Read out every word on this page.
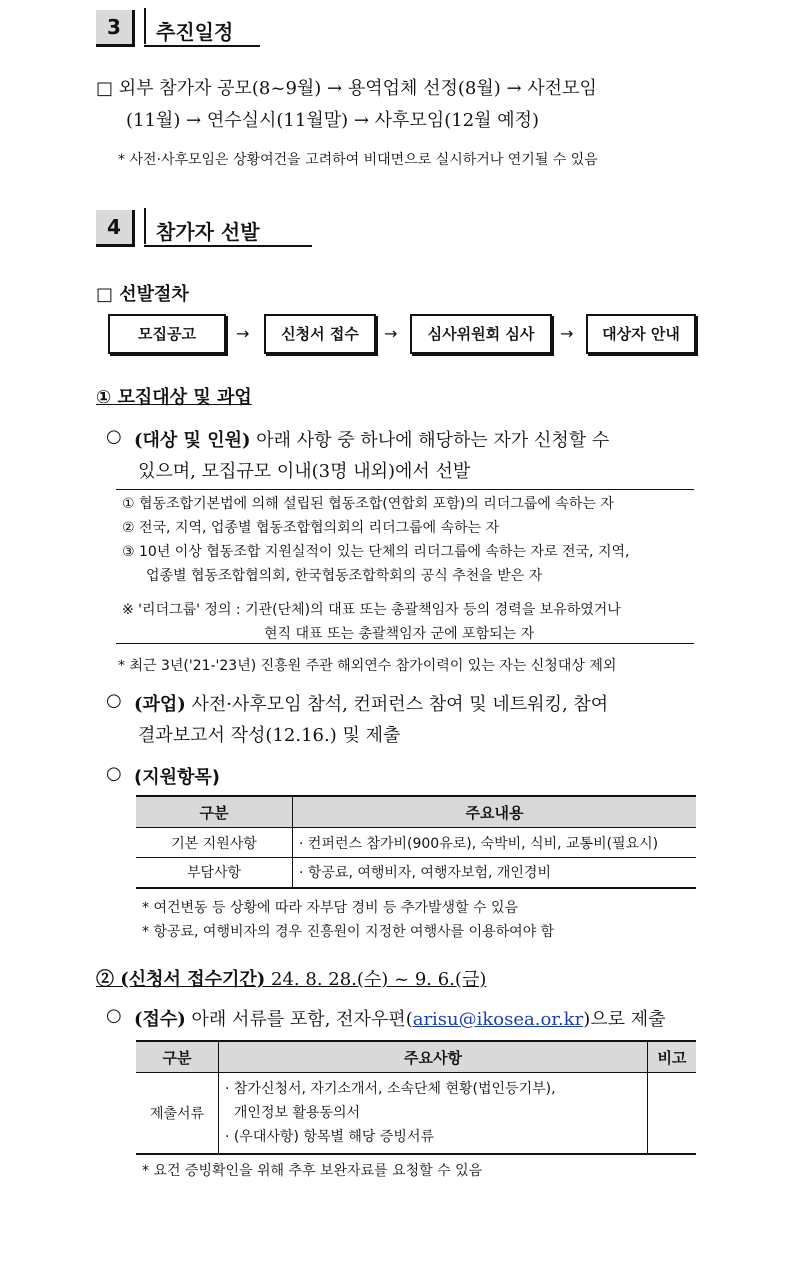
3	추진일정
□ 외부 참가자 공모(8~9월) → 용역업체 선정(8월) → 사전모임
(11월) → 연수실시(11월말) → 사후모임(12월 예정)
* 사전·사후모임은 상황여건을 고려하여 비대면으로 실시하거나 연기될 수 있음
4	참가자 선발
□ 선발절차
모집공고	→	신청서 접수	→	심사위원회 심사	→	대상자 안내
① 모집대상 및 과업
○ (대상 및 인원) 아래 사항 중 하나에 해당하는 자가 신청할 수
있으며, 모집규모 이내(3명 내외)에서 선발
① 협동조합기본법에 의해 설립된 협동조합(연합회 포함)의 리더그룹에 속하는 자
② 전국, 지역, 업종별 협동조합협의회의 리더그룹에 속하는 자
③ 10년 이상 협동조합 지원실적이 있는 단체의 리더그룹에 속하는 자로 전국, 지역,
업종별 협동조합협의회, 한국협동조합학회의 공식 추천을 받은 자
※ '리더그룹' 정의 : 기관(단체)의 대표 또는 총괄책임자 등의 경력을 보유하였거나
현직 대표 또는 총괄책임자 군에 포함되는 자
* 최근 3년('21-'23년) 진흥원 주관 해외연수 참가이력이 있는 자는 신청대상 제외
○ (과업) 사전·사후모임 참석, 컨퍼런스 참여 및 네트워킹, 참여
결과보고서 작성(12.16.) 및 제출
○ (지원항목)
구분	주요내용
기본 지원사항	· 컨퍼런스 참가비(900유로), 숙박비, 식비, 교통비(필요시)
부담사항	· 항공료, 여행비자, 여행자보험, 개인경비
* 여건변동 등 상황에 따라 자부담 경비 등 추가발생할 수 있음
* 항공료, 여행비자의 경우 진흥원이 지정한 여행사를 이용하여야 함
② (신청서 접수기간) 24. 8. 28.(수) ~ 9. 6.(금)
○ (접수) 아래 서류를 포함, 전자우편(arisu@ikosea.or.kr)으로 제출
구분	주요사항	비고
제출서류	· 참가신청서, 자기소개서, 소속단체 현황(법인등기부),
개인정보 활용동의서
· (우대사항) 항목별 해당 증빙서류	

* 요건 증빙확인을 위해 추후 보완자료를 요청할 수 있음
